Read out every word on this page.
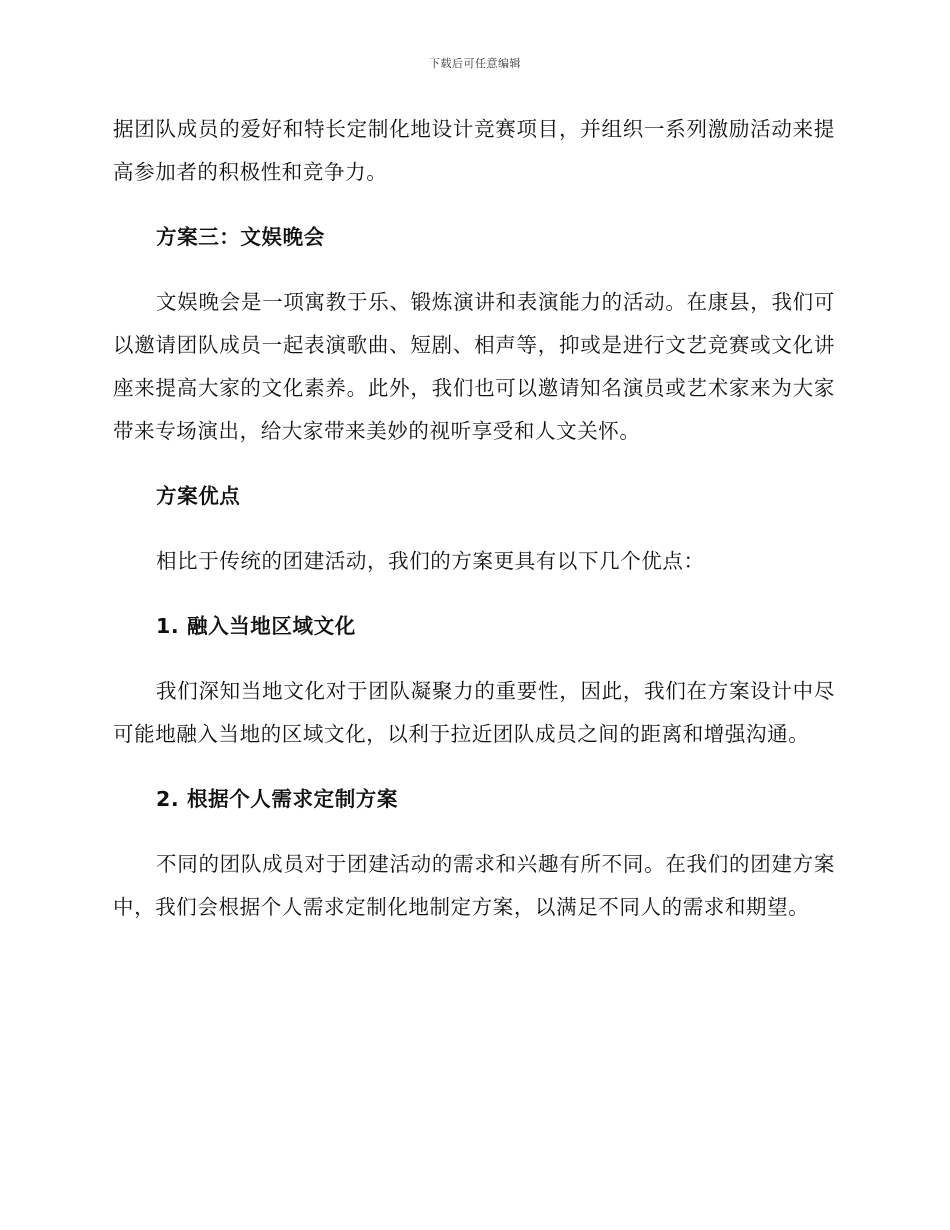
下载后可任意编辑

据团队成员的爱好和特长定制化地设计竞赛项目，并组织一系列激励活动来提高参加者的积极性和竞争力。

方案三：文娱晚会

文娱晚会是一项寓教于乐、锻炼演讲和表演能力的活动。在康县，我们可以邀请团队成员一起表演歌曲、短剧、相声等，抑或是进行文艺竞赛或文化讲座来提高大家的文化素养。此外，我们也可以邀请知名演员或艺术家来为大家带来专场演出，给大家带来美妙的视听享受和人文关怀。

方案优点

相比于传统的团建活动，我们的方案更具有以下几个优点：

1. 融入当地区域文化

我们深知当地文化对于团队凝聚力的重要性，因此，我们在方案设计中尽可能地融入当地的区域文化，以利于拉近团队成员之间的距离和增强沟通。

2. 根据个人需求定制方案

不同的团队成员对于团建活动的需求和兴趣有所不同。在我们的团建方案中，我们会根据个人需求定制化地制定方案，以满足不同人的需求和期望。
